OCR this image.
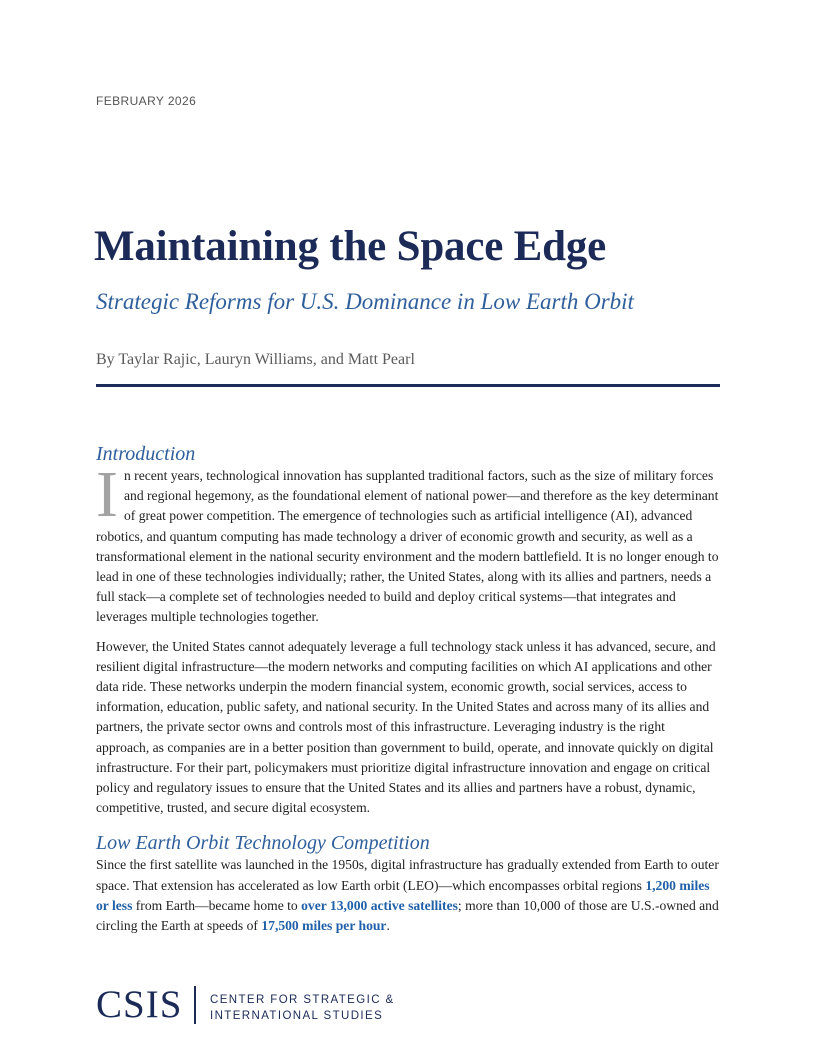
FEBRUARY 2026
Maintaining the Space Edge
Strategic Reforms for U.S. Dominance in Low Earth Orbit
By Taylar Rajic, Lauryn Williams, and Matt Pearl
Introduction

In recent years, technological innovation has supplanted traditional factors, such as the size of military forces and regional hegemony, as the foundational element of national power—and therefore as the key determinant of great power competition. The emergence of technologies such as artificial intelligence (AI), advanced robotics, and quantum computing has made technology a driver of economic growth and security, as well as a transformational element in the national security environment and the modern battlefield. It is no longer enough to lead in one of these technologies individually; rather, the United States, along with its allies and partners, needs a full stack—a complete set of technologies needed to build and deploy critical systems—that integrates and leverages multiple technologies together.

However, the United States cannot adequately leverage a full technology stack unless it has advanced, secure, and resilient digital infrastructure—the modern networks and computing facilities on which AI applications and other data ride. These networks underpin the modern financial system, economic growth, social services, access to information, education, public safety, and national security. In the United States and across many of its allies and partners, the private sector owns and controls most of this infrastructure. Leveraging industry is the right approach, as companies are in a better position than government to build, operate, and innovate quickly on digital infrastructure. For their part, policymakers must prioritize digital infrastructure innovation and engage on critical policy and regulatory issues to ensure that the United States and its allies and partners have a robust, dynamic, competitive, trusted, and secure digital ecosystem.

Low Earth Orbit Technology Competition

Since the first satellite was launched in the 1950s, digital infrastructure has gradually extended from Earth to outer space. That extension has accelerated as low Earth orbit (LEO)—which encompasses orbital regions 1,200 miles or less from Earth—became home to over 13,000 active satellites; more than 10,000 of those are U.S.-owned and circling the Earth at speeds of 17,500 miles per hour.

CSIS CENTER FOR STRATEGIC &
INTERNATIONAL STUDIES
